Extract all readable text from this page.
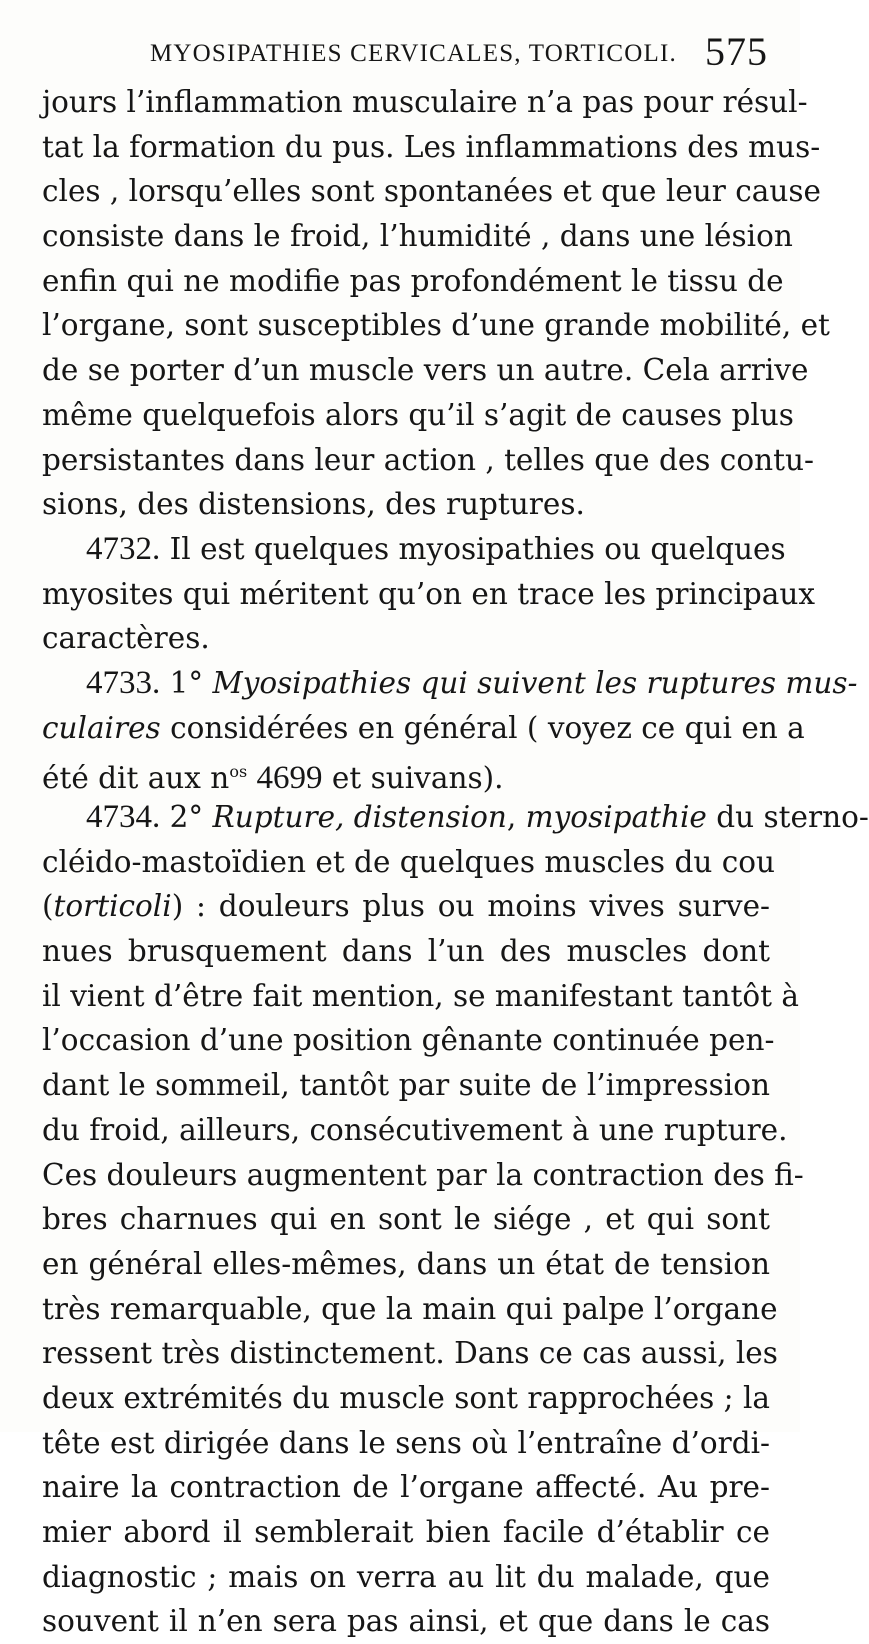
MYOSIPATHIES CERVICALES, TORTICOLI. 575
jours l’inflammation musculaire n’a pas pour résul-
tat la formation du pus. Les inflammations des mus-
cles , lorsqu’elles sont spontanées et que leur cause
consiste dans le froid, l’humidité , dans une lésion
enfin qui ne modifie pas profondément le tissu de
l’organe, sont susceptibles d’une grande mobilité, et
de se porter d’un muscle vers un autre. Cela arrive
même quelquefois alors qu’il s’agit de causes plus
persistantes dans leur action , telles que des contu-
sions, des distensions, des ruptures.
4732. Il est quelques myosipathies ou quelques
myosites qui méritent qu’on en trace les principaux
caractères.
4733. 1° Myosipathies qui suivent les ruptures mus-
culaires considérées en général ( voyez ce qui en a
été dit aux $n^{os}$ 4699 et suivans).
4734. 2° Rupture, distension, myosipathie du sterno-
cléido-mastoïdien et de quelques muscles du cou
(torticoli) : douleurs plus ou moins vives surve-
nues brusquement dans l’un des muscles dont
il vient d’être fait mention, se manifestant tantôt à
l’occasion d’une position gênante continuée pen-
dant le sommeil, tantôt par suite de l’impression
du froid, ailleurs, consécutivement à une rupture.
Ces douleurs augmentent par la contraction des fi-
bres charnues qui en sont le siége , et qui sont
en général elles-mêmes, dans un état de tension
très remarquable, que la main qui palpe l’organe
ressent très distinctement. Dans ce cas aussi, les
deux extrémités du muscle sont rapprochées ; la
tête est dirigée dans le sens où l’entraîne d’ordi-
naire la contraction de l’organe affecté. Au pre-
mier abord il semblerait bien facile d’établir ce
diagnostic ; mais on verra au lit du malade, que
souvent il n’en sera pas ainsi, et que dans le cas
